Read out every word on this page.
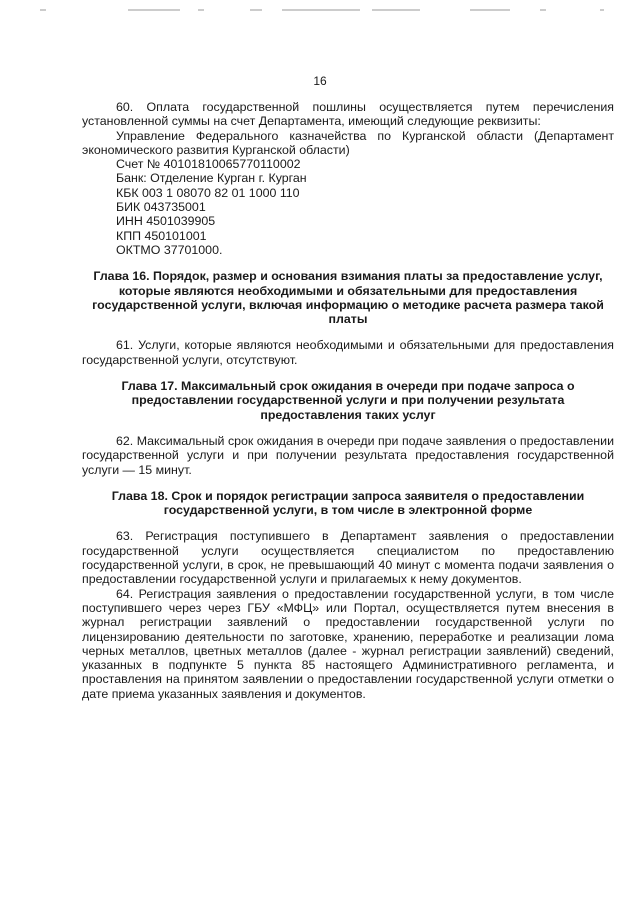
16

60. Оплата государственной пошлины осуществляется путем перечисления установленной суммы на счет Департамента, имеющий следующие реквизиты:

Управление Федерального казначейства по Курганской области (Департамент экономического развития Курганской области)

Счет № 40101810065770110002
Банк: Отделение Курган г. Курган
КБК 003 1 08070 82 01 1000 110
БИК 043735001
ИНН 4501039905
КПП 450101001
ОКТМО 37701000.

Глава 16. Порядок, размер и основания взимания платы за предоставление услуг, которые являются необходимыми и обязательными для предоставления государственной услуги, включая информацию о методике расчета размера такой платы

61. Услуги, которые являются необходимыми и обязательными для предоставления государственной услуги, отсутствуют.

Глава 17. Максимальный срок ожидания в очереди при подаче запроса о предоставлении государственной услуги и при получении результата предоставления таких услуг

62. Максимальный срок ожидания в очереди при подаче заявления о предоставлении государственной услуги и при получении результата предоставления государственной услуги — 15 минут.

Глава 18. Срок и порядок регистрации запроса заявителя о предоставлении государственной услуги, в том числе в электронной форме

63. Регистрация поступившего в Департамент заявления о предоставлении государственной услуги осуществляется специалистом по предоставлению государственной услуги, в срок, не превышающий 40 минут с момента подачи заявления о предоставлении государственной услуги и прилагаемых к нему документов.

64. Регистрация заявления о предоставлении государственной услуги, в том числе поступившего через через ГБУ «МФЦ» или Портал, осуществляется путем внесения в журнал регистрации заявлений о предоставлении государственной услуги по лицензированию деятельности по заготовке, хранению, переработке и реализации лома черных металлов, цветных металлов (далее - журнал регистрации заявлений) сведений, указанных в подпункте 5 пункта 85 настоящего Административного регламента, и проставления на принятом заявлении о предоставлении государственной услуги отметки о дате приема указанных заявления и документов.
